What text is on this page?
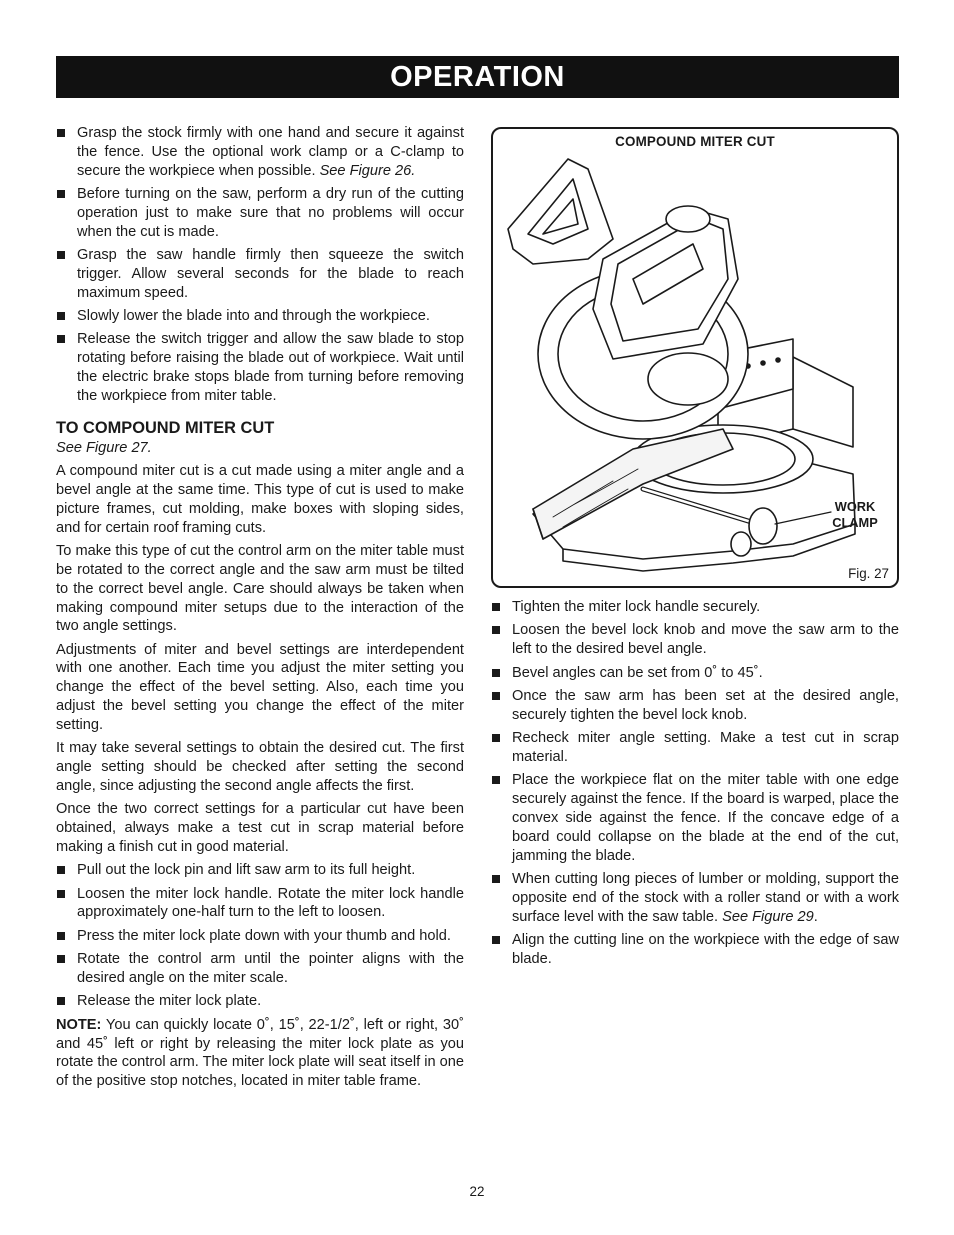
OPERATION
Grasp the stock firmly with one hand and secure it against the fence. Use the optional work clamp or a C-clamp to secure the workpiece when possible. See Figure 26.
Before turning on the saw, perform a dry run of the cutting operation just to make sure that no problems will occur when the cut is made.
Grasp the saw handle firmly then squeeze the switch trigger. Allow several seconds for the blade to reach maximum speed.
Slowly lower the blade into and through the workpiece.
Release the switch trigger and allow the saw blade to stop rotating before raising the blade out of workpiece. Wait until the electric brake stops blade from turning before removing the workpiece from miter table.
TO COMPOUND MITER CUT
See Figure 27.

A compound miter cut is a cut made using a miter angle and a bevel angle at the same time. This type of cut is used to make picture frames, cut molding, make boxes with sloping sides, and for certain roof framing cuts.

To make this type of cut the control arm on the miter table must be rotated to the correct angle and the saw arm must be tilted to the correct bevel angle. Care should always be taken when making compound miter setups due to the interaction of the two angle settings.

Adjustments of miter and bevel settings are interdependent with one another. Each time you adjust the miter setting you change the effect of the bevel setting. Also, each time you adjust the bevel setting you change the effect of the miter setting.

It may take several settings to obtain the desired cut. The first angle setting should be checked after setting the second angle, since adjusting the second angle affects the first.

Once the two correct settings for a particular cut have been obtained, always make a test cut in scrap material before making a finish cut in good material.

Pull out the lock pin and lift saw arm to its full height.
Loosen the miter lock handle. Rotate the miter lock handle approximately one-half turn to the left to loosen.
Press the miter lock plate down with your thumb and hold.
Rotate the control arm until the pointer aligns with the desired angle on the miter scale.
Release the miter lock plate.

NOTE: You can quickly locate 0˚, 15˚, 22-1/2˚, left or right, 30˚ and 45˚ left or right by releasing the miter lock plate as you rotate the control arm. The miter lock plate will seat itself in one of the positive stop notches, located in miter table frame.

COMPOUND MITER CUT
WORK
CLAMP
Fig. 27
Tighten the miter lock handle securely.
Loosen the bevel lock knob and move the saw arm to the left to the desired bevel angle.
Bevel angles can be set from 0˚ to 45˚.
Once the saw arm has been set at the desired angle, securely tighten the bevel lock knob.
Recheck miter angle setting. Make a test cut in scrap material.
Place the workpiece flat on the miter table with one edge securely against the fence. If the board is warped, place the convex side against the fence. If the concave edge of a board could collapse on the blade at the end of the cut, jamming the blade.
When cutting long pieces of lumber or molding, support the opposite end of the stock with a roller stand or with a work surface level with the saw table. See Figure 29.
Align the cutting line on the workpiece with the edge of saw blade.
22
